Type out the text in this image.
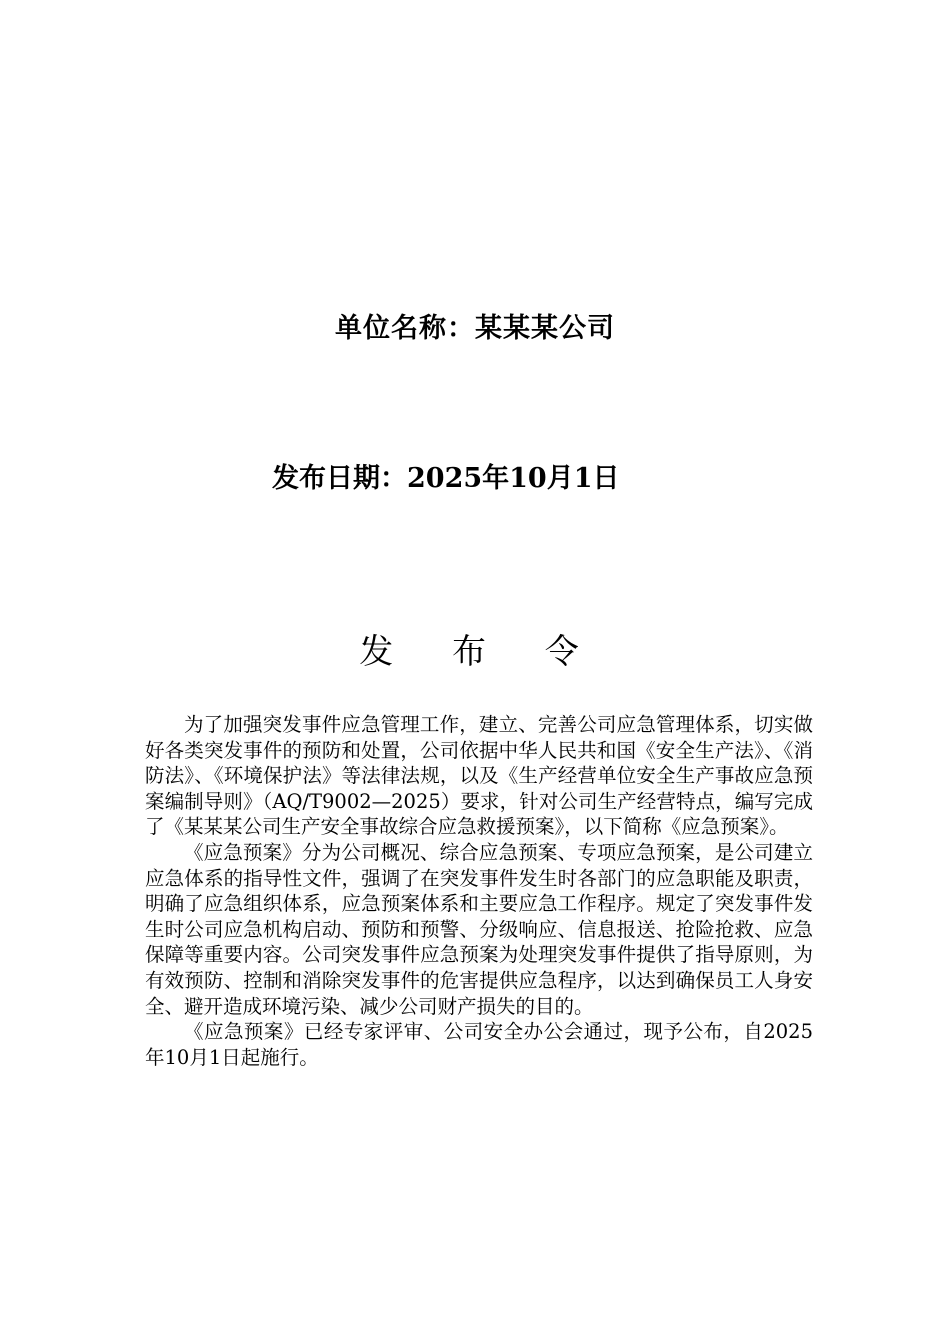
单位名称：某某某公司
发布日期：2025年10月1日
发 布 令

为了加强突发事件应急管理工作，建立、完善公司应急管理体系，切实做好各类突发事件的预防和处置，公司依据中华人民共和国《安全生产法》、《消防法》、《环境保护法》等法律法规，以及《生产经营单位安全生产事故应急预案编制导则》（AQ/T9002—2025）要求，针对公司生产经营特点，编写完成了《某某某公司生产安全事故综合应急救援预案》，以下简称《应急预案》。

《应急预案》分为公司概况、综合应急预案、专项应急预案，是公司建立应急体系的指导性文件，强调了在突发事件发生时各部门的应急职能及职责，明确了应急组织体系，应急预案体系和主要应急工作程序。规定了突发事件发生时公司应急机构启动、预防和预警、分级响应、信息报送、抢险抢救、应急保障等重要内容。公司突发事件应急预案为处理突发事件提供了指导原则，为有效预防、控制和消除突发事件的危害提供应急程序，以达到确保员工人身安全、避开造成环境污染、减少公司财产损失的目的。

《应急预案》已经专家评审、公司安全办公会通过，现予公布，自2025年10月1日起施行。
